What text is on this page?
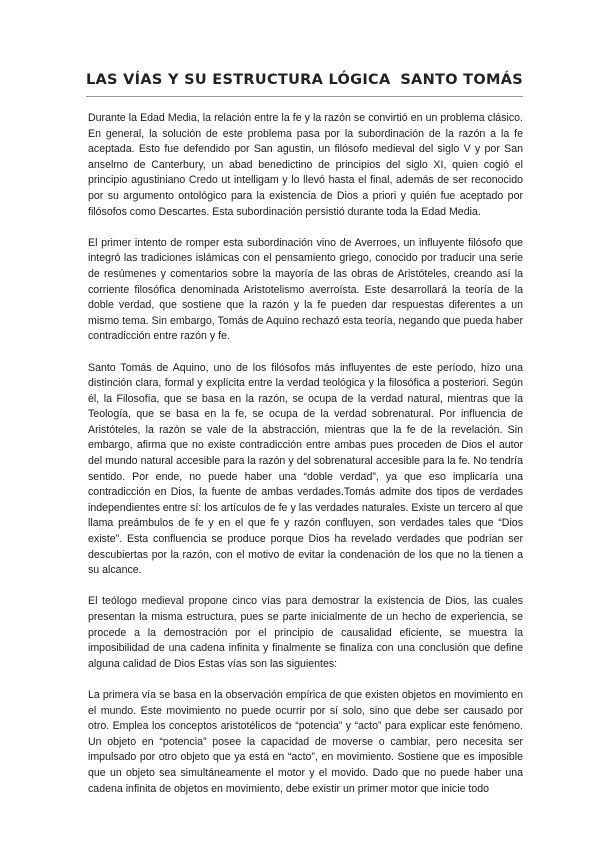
LAS VÍAS Y SU ESTRUCTURA LÓGICA SANTO TOMÁS

Durante la Edad Media, la relación entre la fe y la razón se convirtió en un problema clásico. En general, la solución de este problema pasa por la subordinación de la razón a la fe aceptada. Esto fue defendido por San agustin, un filósofo medieval del siglo V y por San anselmo de Canterbury, un abad benedictino de principios del siglo XI, quien cogió el principio agustiniano Credo ut intelligam y lo llevó hasta el final, además de ser reconocido por su argumento ontológico para la existencia de Dios a priori y quién fue aceptado por filósofos como Descartes. Esta subordinación persistió durante toda la Edad Media.

El primer intento de romper esta subordinación vino de Averroes, un influyente filósofo que integró las tradiciones islámicas con el pensamiento griego, conocido por traducir una serie de resúmenes y comentarios sobre la mayoría de las obras de Aristóteles, creando así la corriente filosófica denominada Aristotelismo averroísta. Este desarrollará la teoría de la doble verdad, que sostiene que la razón y la fe pueden dar respuestas diferentes a un mismo tema. Sin embargo, Tomás de Aquino rechazó esta teoría, negando que pueda haber contradicción entre razón y fe.

Santo Tomás de Aquino, uno de los filósofos más influyentes de este período, hizo una distinción clara, formal y explícita entre la verdad teológica y la filosófica a posteriori. Según él, la Filosofía, que se basa en la razón, se ocupa de la verdad natural, mientras que la Teología, que se basa en la fe, se ocupa de la verdad sobrenatural. Por influencia de Aristóteles, la razón se vale de la abstracción, mientras que la fe de la revelación. Sin embargo, afirma que no existe contradicción entre ambas pues proceden de Dios el autor del mundo natural accesible para la razón y del sobrenatural accesible para la fe. No tendría sentido. Por ende, no puede haber una “doble verdad”, ya que eso implicaría una contradicción en Dios, la fuente de ambas verdades.Tomás admite dos tipos de verdades independientes entre sí: los artículos de fe y las verdades naturales. Existe un tercero al que llama preámbulos de fe y en el que fe y razón confluyen, son verdades tales que “Dios existe”. Esta confluencia se produce porque Dios ha revelado verdades que podrían ser descubiertas por la razón, con el motivo de evitar la condenación de los que no la tienen a su alcance.

El teólogo medieval propone cinco vías para demostrar la existencia de Dios, las cuales presentan la misma estructura, pues se parte inicialmente de un hecho de experiencia, se procede a la demostración por el principio de causalidad eficiente, se muestra la imposibilidad de una cadena infinita y finalmente se finaliza con una conclusión que define alguna calidad de Dios Estas vías son las siguientes:

La primera vía se basa en la observación empírica de que existen objetos en movimiento en el mundo. Este movimiento no puede ocurrir por sí solo, sino que debe ser causado por otro. Emplea los conceptos aristotélicos de “potencia” y “acto” para explicar este fenómeno. Un objeto en “potencia” posee la capacidad de moverse o cambiar, pero necesita ser impulsado por otro objeto que ya está en “acto”, en movimiento. Sostiene que es imposible que un objeto sea simultáneamente el motor y el movido. Dado que no puede haber una cadena infinita de objetos en movimiento, debe existir un primer motor que inicie todo
